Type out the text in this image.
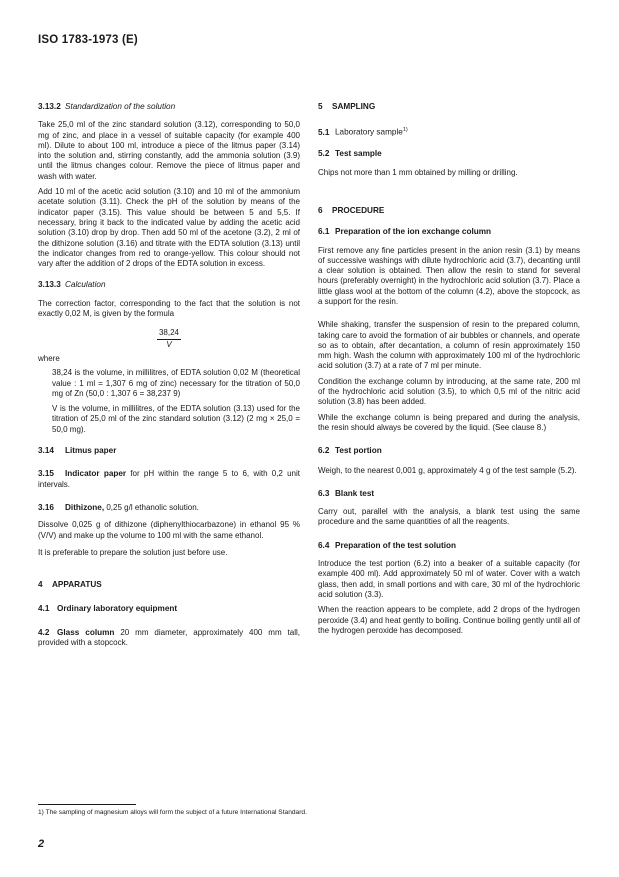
ISO 1783-1973 (E)
3.13.2 Standardization of the solution

Take 25,0 ml of the zinc standard solution (3.12), corresponding to 50,0 mg of zinc, and place in a vessel of suitable capacity (for example 400 ml). Dilute to about 100 ml, introduce a piece of the litmus paper (3.14) into the solution and, stirring constantly, add the ammonia solution (3.9) until the litmus changes colour. Remove the piece of litmus paper and wash with water.

Add 10 ml of the acetic acid solution (3.10) and 10 ml of the ammonium acetate solution (3.11). Check the pH of the solution by means of the indicator paper (3.15). This value should be between 5 and 5,5. If necessary, bring it back to the indicated value by adding the acetic acid solution (3.10) drop by drop. Then add 50 ml of the acetone (3.2), 2 ml of the dithizone solution (3.16) and titrate with the EDTA solution (3.13) until the indicator changes from red to orange-yellow. This colour should not vary after the addition of 2 drops of the EDTA solution in excess.

3.13.3 Calculation

The correction factor, corresponding to the fact that the solution is not exactly 0,02 M, is given by the formula

38,24
V

where

38,24 is the volume, in millilitres, of EDTA solution 0,02 M (theoretical value : 1 ml = 1,307 6 mg of zinc) necessary for the titration of 50,0 mg of Zn (50,0 : 1,307 6 = 38,237 9)

V is the volume, in millilitres, of the EDTA solution (3.13) used for the titration of 25,0 ml of the zinc standard solution (3.12) (2 mg × 25,0 = 50,0 mg).

3.14 Litmus paper

3.15 Indicator paper for pH within the range 5 to 6, with 0,2 unit intervals.

3.16 Dithizone, 0,25 g/l ethanolic solution.

Dissolve 0,025 g of dithizone (diphenylthiocarbazone) in ethanol 95 % (V/V) and make up the volume to 100 ml with the same ethanol.

It is preferable to prepare the solution just before use.

4 APPARATUS
4.1 Ordinary laboratory equipment

4.2 Glass column 20 mm diameter, approximately 400 mm tall, provided with a stopcock.

5 SAMPLING
5.1 Laboratory sample$^{1)}$
5.2 Test sample

Chips not more than 1 mm obtained by milling or drilling.

6 PROCEDURE
6.1 Preparation of the ion exchange column

First remove any fine particles present in the anion resin (3.1) by means of successive washings with dilute hydrochloric acid (3.7), decanting until a clear solution is obtained. Then allow the resin to stand for several hours (preferably overnight) in the hydrochloric acid solution (3.7). Place a little glass wool at the bottom of the column (4.2), above the stopcock, as a support for the resin.

While shaking, transfer the suspension of resin to the prepared column, taking care to avoid the formation of air bubbles or channels, and operate so as to obtain, after decantation, a column of resin approximately 150 mm high. Wash the column with approximately 100 ml of the hydrochloric acid solution (3.7) at a rate of 7 ml per minute.

Condition the exchange column by introducing, at the same rate, 200 ml of the hydrochloric acid solution (3.5), to which 0,5 ml of the nitric acid solution (3.8) has been added.

While the exchange column is being prepared and during the analysis, the resin should always be covered by the liquid. (See clause 8.)

6.2 Test portion

Weigh, to the nearest 0,001 g, approximately 4 g of the test sample (5.2).

6.3 Blank test

Carry out, parallel with the analysis, a blank test using the same procedure and the same quantities of all the reagents.

6.4 Preparation of the test solution

Introduce the test portion (6.2) into a beaker of a suitable capacity (for example 400 ml). Add approximately 50 ml of water. Cover with a watch glass, then add, in small portions and with care, 30 ml of the hydrochloric acid solution (3.3).

When the reaction appears to be complete, add 2 drops of the hydrogen peroxide (3.4) and heat gently to boiling. Continue boiling gently until all of the hydrogen peroxide has decomposed.

1) The sampling of magnesium alloys will form the subject of a future International Standard.
2
